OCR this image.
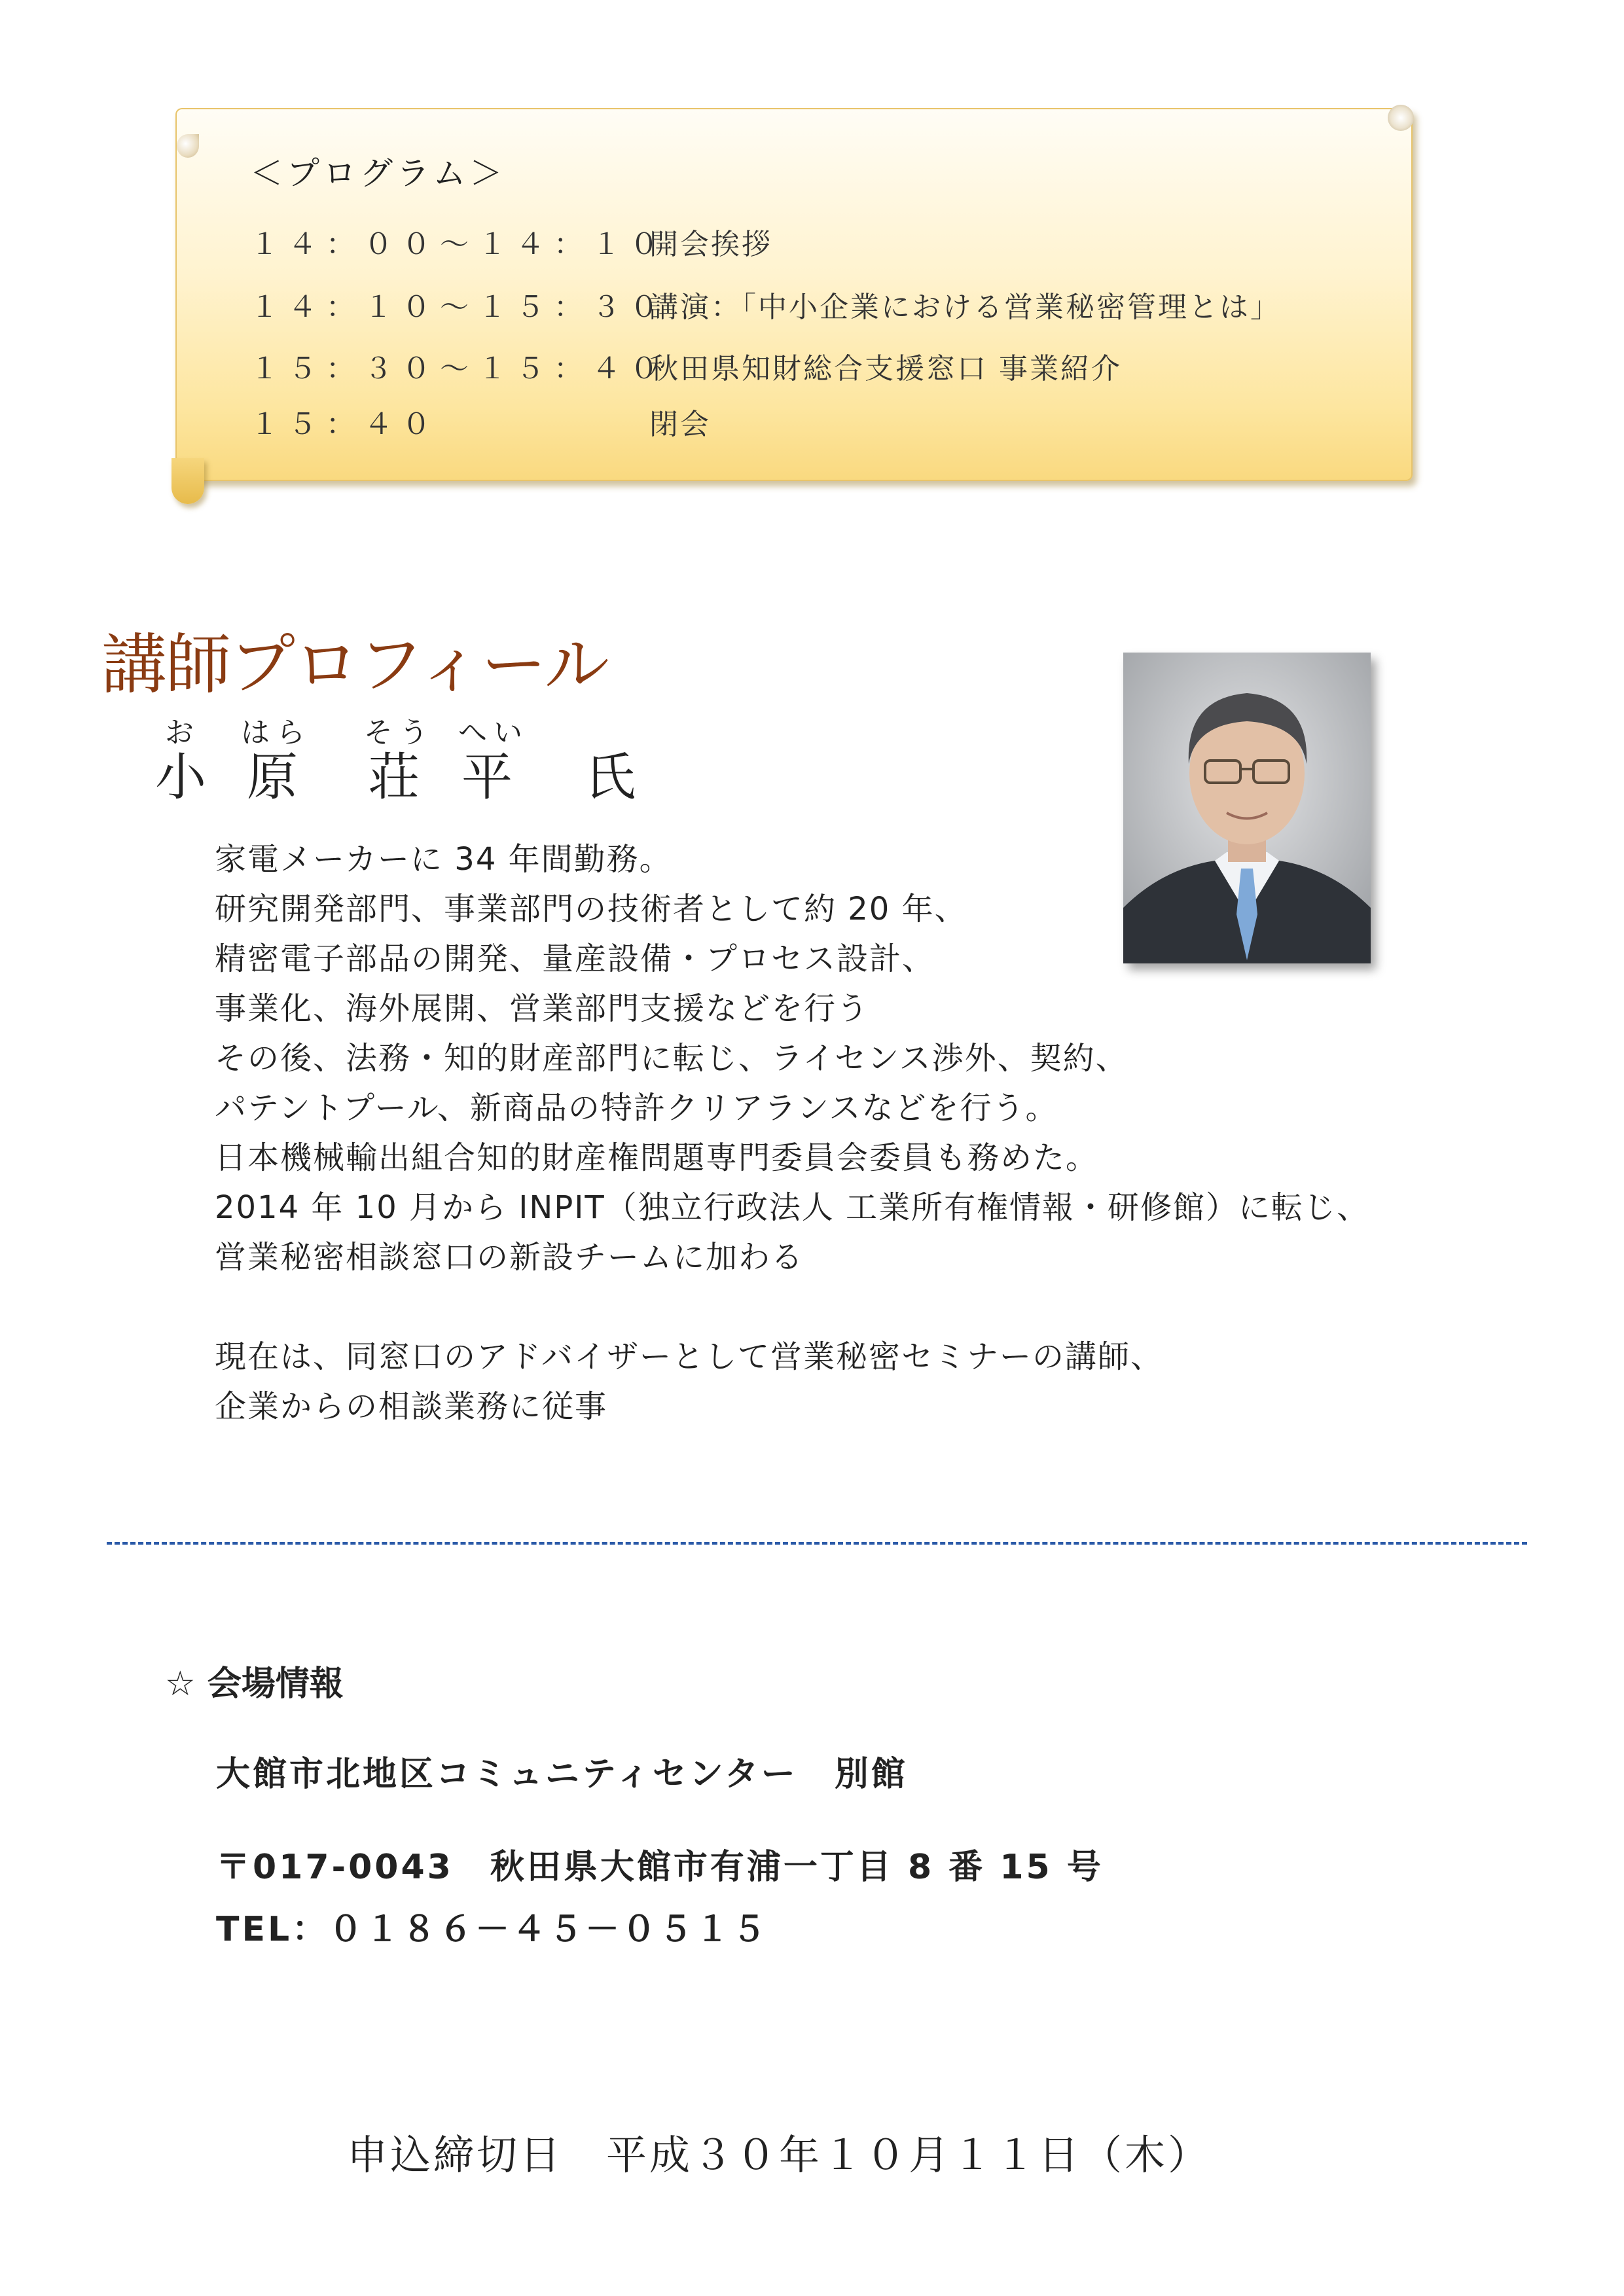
＜プログラム＞
１４：００～１４：１０開会挨拶
１４：１０～１５：３０講演：「中小企業における営業秘密管理とは」
１５：３０～１５：４０秋田県知財総合支援窓口 事業紹介
１５：４０	閉会
講師プロフィール
お はら そう へい
小 原 荘 平 氏
家電メーカーに 34 年間勤務。
研究開発部門、事業部門の技術者として約 20 年、
精密電子部品の開発、量産設備・プロセス設計、
事業化、海外展開、営業部門支援などを行う
その後、法務・知的財産部門に転じ、ライセンス渉外、契約、
パテントプール、新商品の特許クリアランスなどを行う。
日本機械輸出組合知的財産権問題専門委員会委員も務めた。
2014 年 10 月から INPIT（独立行政法人 工業所有権情報・研修館）に転じ、
営業秘密相談窓口の新設チームに加わる
現在は、同窓口のアドバイザーとして営業秘密セミナーの講師、
企業からの相談業務に従事
☆ 会場情報
大館市北地区コミュニティセンター　別館
〒017-0043　秋田県大館市有浦一丁目 8 番 15 号
TEL：０１８６－４５－０５１５
申込締切日　平成３０年１０月１１日（木）
